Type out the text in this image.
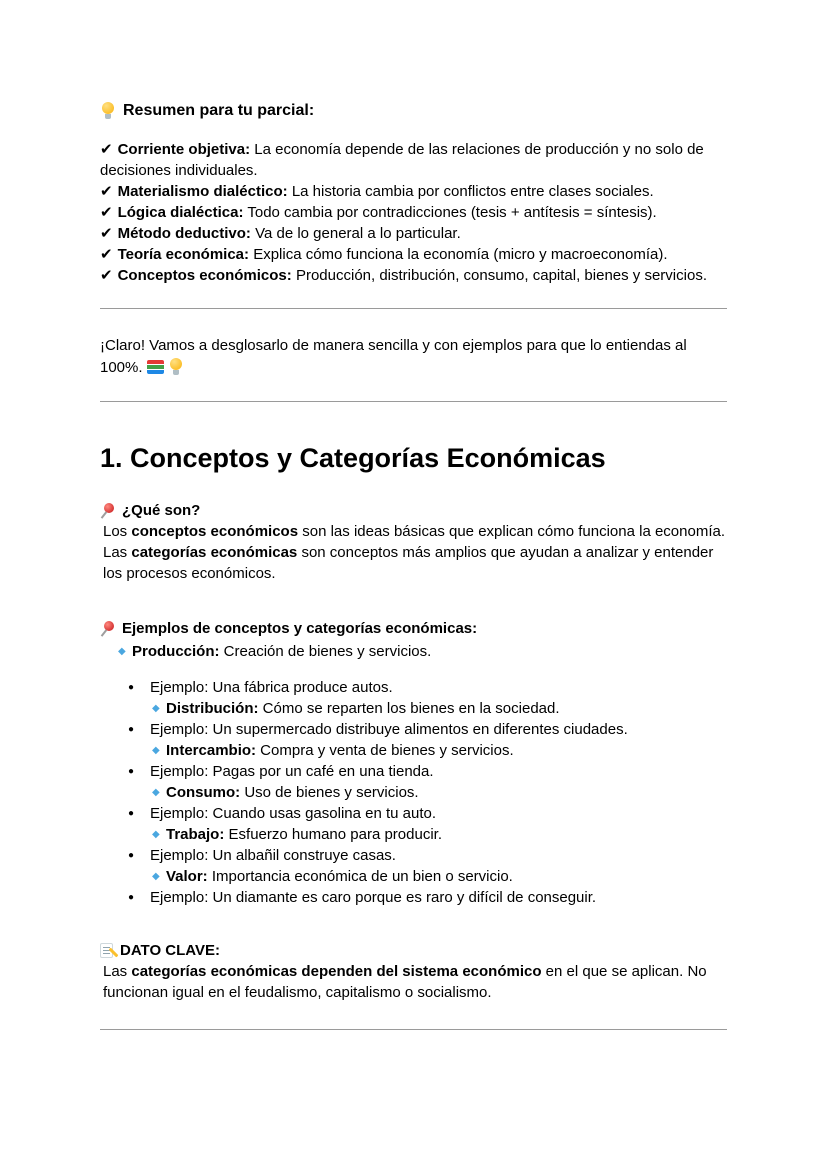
Resumen para tu parcial:

✔ Corriente objetiva: La economía depende de las relaciones de producción y no solo de decisiones individuales.

✔ Materialismo dialéctico: La historia cambia por conflictos entre clases sociales.

✔ Lógica dialéctica: Todo cambia por contradicciones (tesis + antítesis = síntesis).

✔ Método deductivo: Va de lo general a lo particular.

✔ Teoría económica: Explica cómo funciona la economía (micro y macroeconomía).

✔ Conceptos económicos: Producción, distribución, consumo, capital, bienes y servicios.

¡Claro! Vamos a desglosarlo de manera sencilla y con ejemplos para que lo entiendas al 100%.

1. Conceptos y Categorías Económicas
¿Qué son?
Los conceptos económicos son las ideas básicas que explican cómo funciona la economía.
Las categorías económicas son conceptos más amplios que ayudan a analizar y entender los procesos económicos.
Ejemplos de conceptos y categorías económicas:
◆ Producción: Creación de bienes y servicios.
●	Ejemplo: Una fábrica produce autos.
◆ Distribución: Cómo se reparten los bienes en la sociedad.
●	Ejemplo: Un supermercado distribuye alimentos en diferentes ciudades.
◆ Intercambio: Compra y venta de bienes y servicios.
●	Ejemplo: Pagas por un café en una tienda.
◆ Consumo: Uso de bienes y servicios.
●	Ejemplo: Cuando usas gasolina en tu auto.
◆ Trabajo: Esfuerzo humano para producir.
●	Ejemplo: Un albañil construye casas.
◆ Valor: Importancia económica de un bien o servicio.
●	Ejemplo: Un diamante es caro porque es raro y difícil de conseguir.
DATO CLAVE:
Las categorías económicas dependen del sistema económico en el que se aplican. No funcionan igual en el feudalismo, capitalismo o socialismo.
